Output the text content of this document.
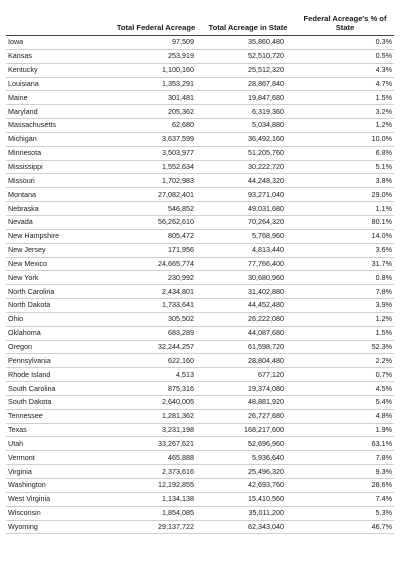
	Total Federal Acreage	Total Acreage in State	Federal Acreage's % of State
Iowa	97,509	35,860,480	0.3%
Kansas	253,919	52,510,720	0.5%
Kentucky	1,100,160	25,512,320	4.3%
Louisiana	1,353,291	28,867,840	4.7%
Maine	301,481	19,847,680	1.5%
Maryland	205,362	6,319,360	3.2%
Massachusetts	62,680	5,034,880	1.2%
Michigan	3,637,599	36,492,160	10.0%
Minnesota	3,503,977	51,205,760	6.8%
Mississippi	1,552,634	30,222,720	5.1%
Missouri	1,702,983	44,248,320	3.8%
Montana	27,082,401	93,271,040	29.0%
Nebraska	546,852	49,031,680	1.1%
Nevada	56,262,610	70,264,320	80.1%
New Hampshire	805,472	5,768,960	14.0%
New Jersey	171,956	4,813,440	3.6%
New Mexico	24,665,774	77,766,400	31.7%
New York	230,992	30,680,960	0.8%
North Carolina	2,434,801	31,402,880	7.8%
North Dakota	1,733,641	44,452,480	3.9%
Ohio	305,502	26,222,080	1.2%
Oklahoma	683,289	44,087,680	1.5%
Oregon	32,244,257	61,598,720	52.3%
Pennsylvania	622,160	28,804,480	2.2%
Rhode Island	4,513	677,120	0.7%
South Carolina	875,316	19,374,080	4.5%
South Dakota	2,640,005	48,881,920	5.4%
Tennessee	1,281,362	26,727,680	4.8%
Texas	3,231,198	168,217,600	1.9%
Utah	33,267,621	52,696,960	63.1%
Vermont	465,888	5,936,640	7.8%
Virginia	2,373,616	25,496,320	9.3%
Washington	12,192,855	42,693,760	28.6%
West Virginia	1,134,138	15,410,560	7.4%
Wisconsin	1,854,085	35,011,200	5.3%
Wyoming	29,137,722	62,343,040	46.7%
